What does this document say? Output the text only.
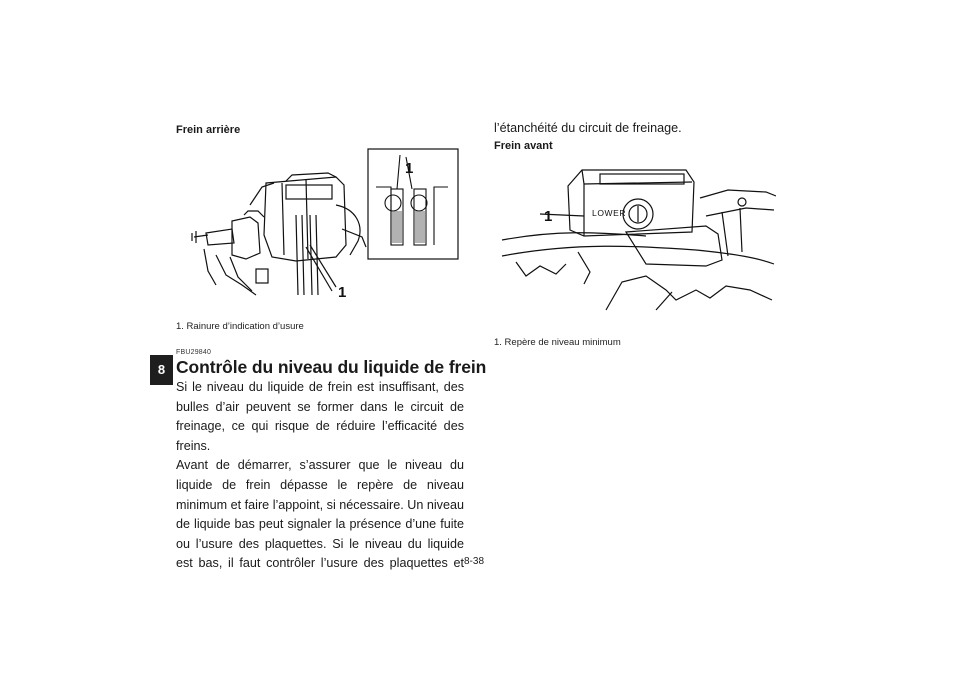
8
Frein arrière
1
1
1. Rainure d’indication d’usure
FBU29840
Contrôle du niveau du liquide de frein

Si le niveau du liquide de frein est insuffisant, des bulles d’air peuvent se former dans le circuit de freinage, ce qui risque de réduire l’efficacité des freins.

Avant de démarrer, s’assurer que le niveau du liquide de frein dépasse le repère de niveau minimum et faire l’appoint, si nécessaire. Un niveau de liquide bas peut signaler la présence d’une fuite ou l’usure des plaquettes. Si le niveau du liquide est bas, il faut contrôler l’usure des plaquettes et

l’étanchéité du circuit de freinage.
Frein avant
LOWER
1
1. Repère de niveau minimum
8-38
